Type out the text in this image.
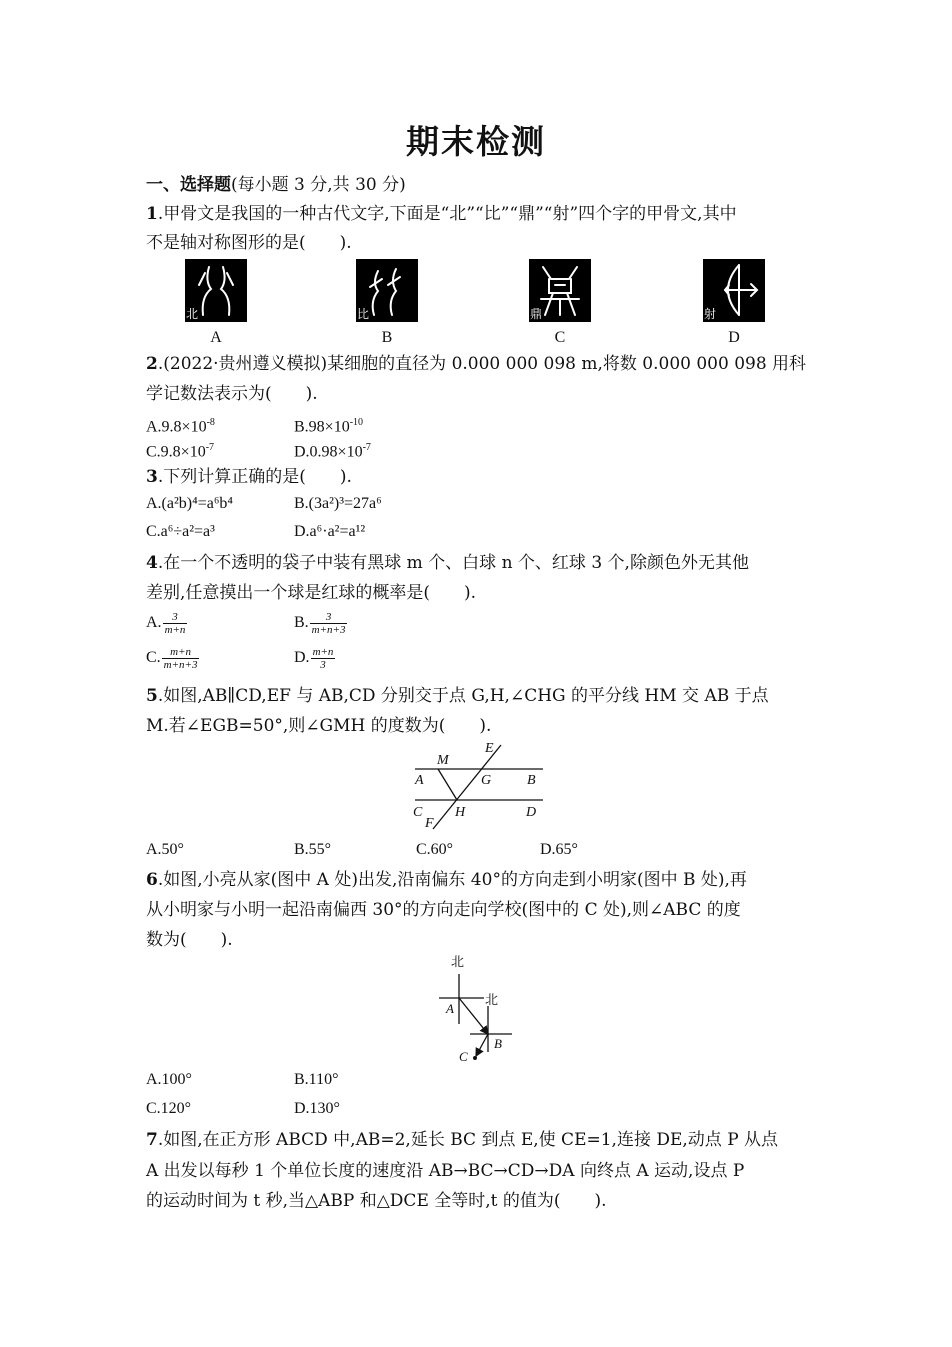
期末检测
一、选择题(每小题 3 分,共 30 分)
1.甲骨文是我国的一种古代文字,下面是“北”“比”“鼎”“射”四个字的甲骨文,其中
不是轴对称图形的是(　　).
北	比	鼎	射
A	B	C	D
2.(2022·贵州遵义模拟)某细胞的直径为 0.000 000 098 m,将数 0.000 000 098 用科
学记数法表示为(　　).
$A.9.8\times 10^{-8}$	$B.98\times 10^{-10}$
$C.9.8\times 10^{-7}$	$D.0.98\times 10^{-7}$
3.下列计算正确的是(　　).
A.(a²b)⁴=a⁶b⁴	B.(3a²)³=27a⁶
C.a⁶÷a²=a³	D.a⁶·a²=a¹²
4.在一个不透明的袋子中装有黑球 m 个、白球 n 个、红球 3 个,除颜色外无其他
差别,任意摸出一个球是红球的概率是(　　).
A. $\frac{3}{m+n}$	B. $\frac{3}{m+n+3}$
C. $\frac{m+n}{m+n+3}$	D. $\frac{m+n}{3}$
5.如图,AB∥CD,EF 与 AB,CD 分别交于点 G,H,∠CHG 的平分线 HM 交 AB 于点
M.若∠EGB=50°,则∠GMH 的度数为(　　).
E
M
A	G	B
C H	D
F
A.50°	B.55°	C.60°	D.65°
6.如图,小亮从家(图中 A 处)出发,沿南偏东 40°的方向走到小明家(图中 B 处),再
从小明家与小明一起沿南偏西 30°的方向走向学校(图中的 C 处),则∠ABC 的度
数为(　　).
北
北
A
B
C
A.100°	B.110°
C.120°	D.130°
7.如图,在正方形 ABCD 中,AB=2,延长 BC 到点 E,使 CE=1,连接 DE,动点 P 从点
A 出发以每秒 1 个单位长度的速度沿 AB→BC→CD→DA 向终点 A 运动,设点 P
的运动时间为 t 秒,当△ABP 和△DCE 全等时,t 的值为(　　).
